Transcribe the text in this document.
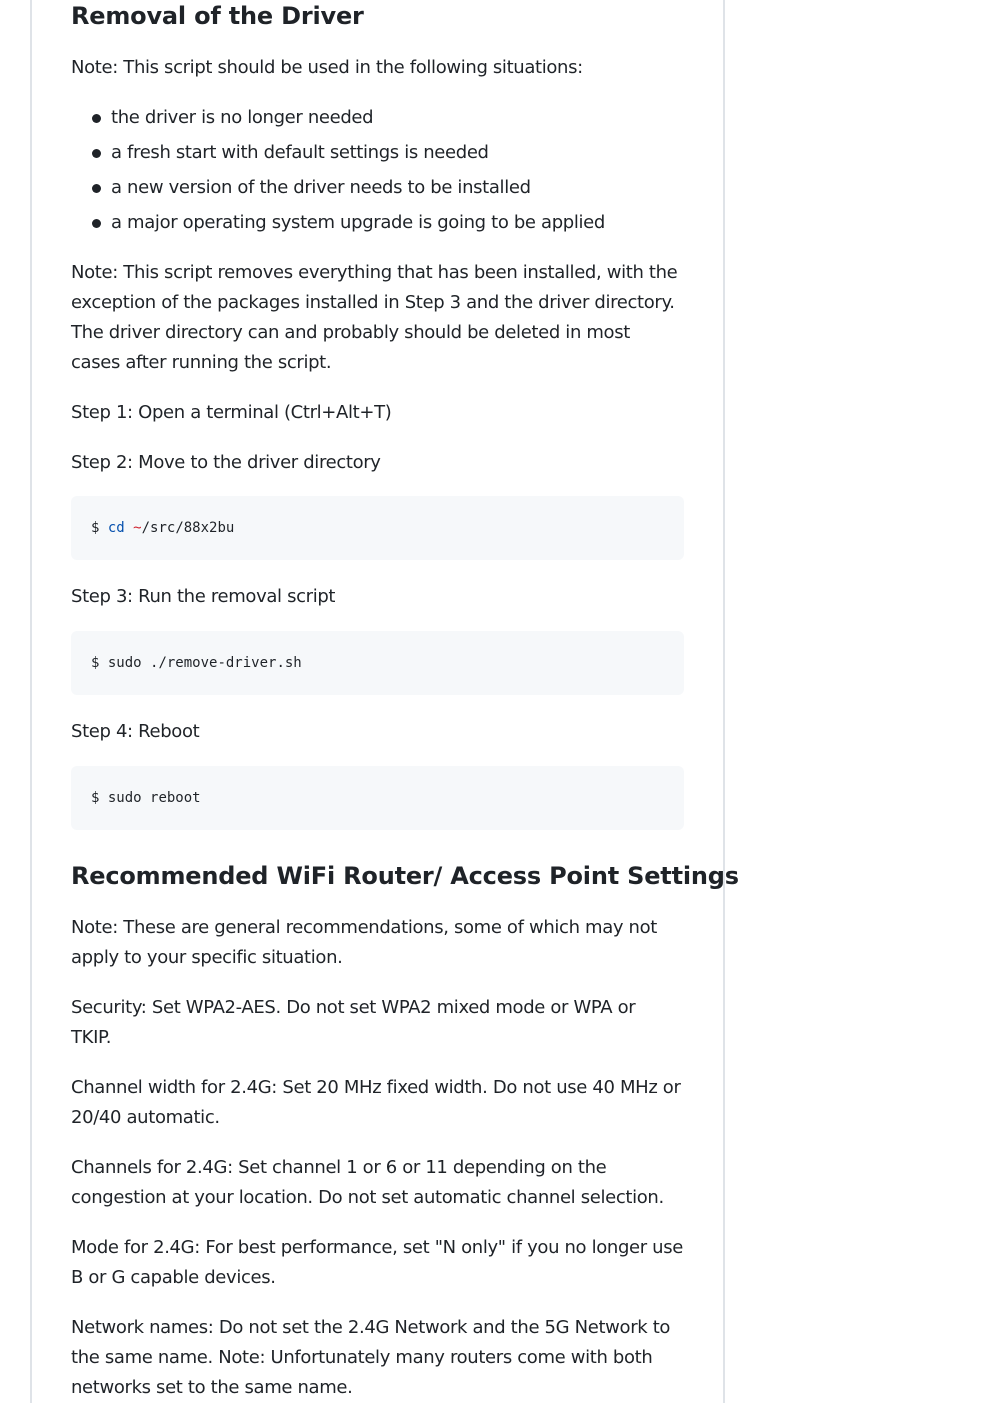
Removal of the Driver

Note: This script should be used in the following situations:

the driver is no longer needed
a fresh start with default settings is needed
a new version of the driver needs to be installed
a major operating system upgrade is going to be applied

Note: This script removes everything that has been installed, with the exception of the packages installed in Step 3 and the driver directory. The driver directory can and probably should be deleted in most cases after running the script.

Step 1: Open a terminal (Ctrl+Alt+T)

Step 2: Move to the driver directory

$
cd
~ /src/88x2bu

Step 3: Run the removal script

$
sudo ./remove-driver.sh

Step 4: Reboot

$
sudo reboot
Recommended WiFi Router/ Access Point Settings

Note: These are general recommendations, some of which may not apply to your specific situation.

Security: Set WPA2-AES. Do not set WPA2 mixed mode or WPA or TKIP.

Channel width for 2.4G: Set 20 MHz fixed width. Do not use 40 MHz or 20/40 automatic.

Channels for 2.4G: Set channel 1 or 6 or 11 depending on the congestion at your location. Do not set automatic channel selection.

Mode for 2.4G: For best performance, set "N only" if you no longer use B or G capable devices.

Network names: Do not set the 2.4G Network and the 5G Network to the same name. Note: Unfortunately many routers come with both networks set to the same name.
